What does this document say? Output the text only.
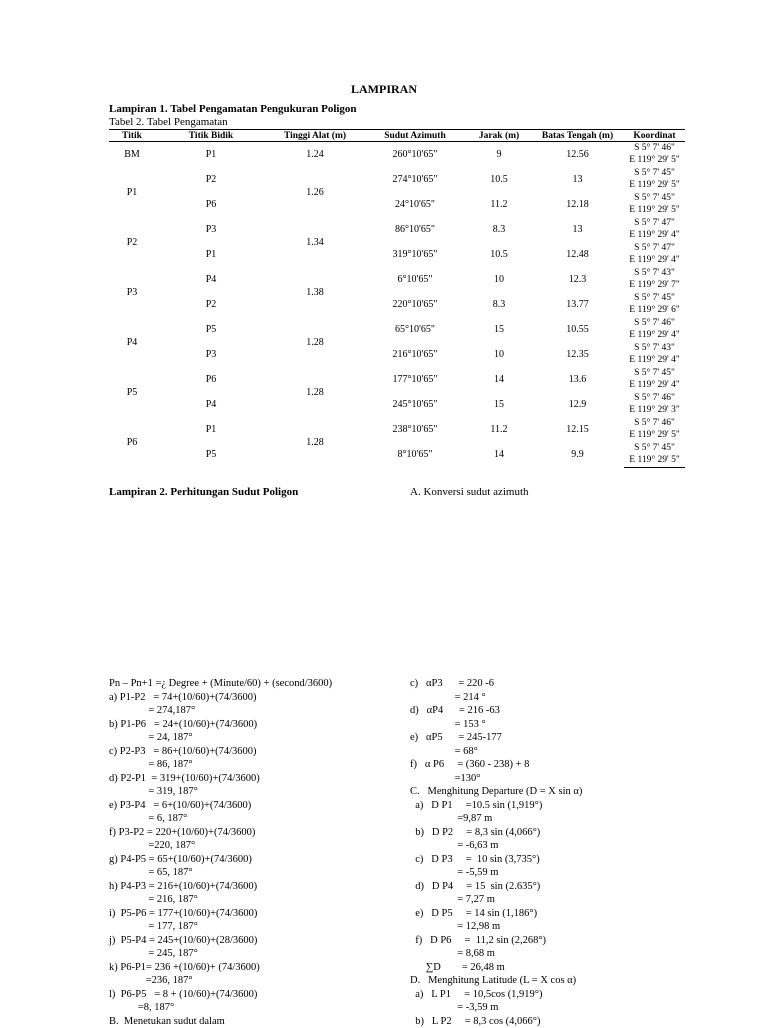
LAMPIRAN
Lampiran 1. Tabel Pengamatan Pengukuran Poligon
Tabel 2. Tabel Pengamatan
Titik	Titik Bidik	Tinggi Alat (m)	Sudut Azimuth	Jarak (m)	Batas Tengah (m)	Koordinat
BM	P1	1.24	260°10'65"	9	12.56	S 5° 7' 46"
E 119° 29' 5"

P1	P2	1.26	274°10'65"	10.5	13	S 5° 7' 45"
E 119° 29' 5"

	P6		24°10'65"	11.2	12.18	S 5° 7' 45"
E 119° 29' 5"

P2	P3	1.34	86°10'65"	8.3	13	S 5° 7' 47"
E 119° 29' 4"

	P1		319°10'65"	10.5	12.48	S 5° 7' 47"
E 119° 29' 4"

P3	P4	1.38	6°10'65"	10	12.3	S 5° 7' 43"
E 119° 29' 7"

	P2		220°10'65"	8.3	13.77	S 5° 7' 45"
E 119° 29' 6"

P4	P5	1.28	65°10'65"	15	10.55	S 5° 7' 46"
E 119° 29' 4"

	P3		216°10'65"	10	12.35	S 5° 7' 43"
E 119° 29' 4"

P5	P6	1.28	177°10'65"	14	13.6	S 5° 7' 45"
E 119° 29' 4"

	P4		245°10'65"	15	12.9	S 5° 7' 46"
E 119° 29' 3"

P6	P1	1.28	238°10'65"	11.2	12.15	S 5° 7' 46"
E 119° 29' 5"

	P5		8°10'65"	14	9.9	S 5° 7' 45"
E 119° 29' 5"
Lampiran 2. Perhitungan Sudut Poligon	A. Konversi sudut azimuth
Pn – Pn+1 =¿ Degree + (Minute/60) + (second/3600)
a) P1-P2   = 74+(10/60)+(74/3600)
= 274,187°
b) P1-P6   = 24+(10/60)+(74/3600)
= 24, 187°
c) P2-P3   = 86+(10/60)+(74/3600)
= 86, 187°
d) P2-P1  = 319+(10/60)+(74/3600)
= 319, 187°
e) P3-P4   = 6+(10/60)+(74/3600)
= 6, 187°
f) P3-P2 = 220+(10/60)+(74/3600)
=220, 187°
g) P4-P5 = 65+(10/60)+(74/3600)
= 65, 187°
h) P4-P3 = 216+(10/60)+(74/3600)
= 216, 187°
i)  P5-P6 = 177+(10/60)+(74/3600)
= 177, 187°
j)  P5-P4 = 245+(10/60)+(28/3600)
= 245, 187°
k) P6-P1= 236 +(10/60)+ (74/3600)
=236, 187°
l)  P6-P5   = 8 + (10/60)+(74/3600)
=8, 187°
B.  Menetukan sudut dalam
c)   αP3      = 220 -6
= 214 °
d)   αP4      = 216 -63
= 153 °
e)   αP5      = 245-177
= 68°
f)   α P6     = (360 - 238) + 8
=130°
C.   Menghitung Departure (D = X sin α)
a)   D P1     =10.5 sin (1,919°)
=9,87 m
b)   D P2     = 8,3 sin (4,066°)
= -6,63 m
c)   D P3     =  10 sin (3,735°)
= -5,59 m
d)   D P4     = 15  sin (2.635°)
= 7,27 m
e)   D P5     = 14 sin (1,186°)
= 12,98 m
f)   D P6     =  11,2 sin (2,268°)
= 8,68 m
∑D        = 26,48 m
D.   Menghitung Latitude (L = X cos α)
a)   L P1     = 10,5cos (1,919°)
= -3,59 m
b)   L P2     = 8,3 cos (4,066°)
